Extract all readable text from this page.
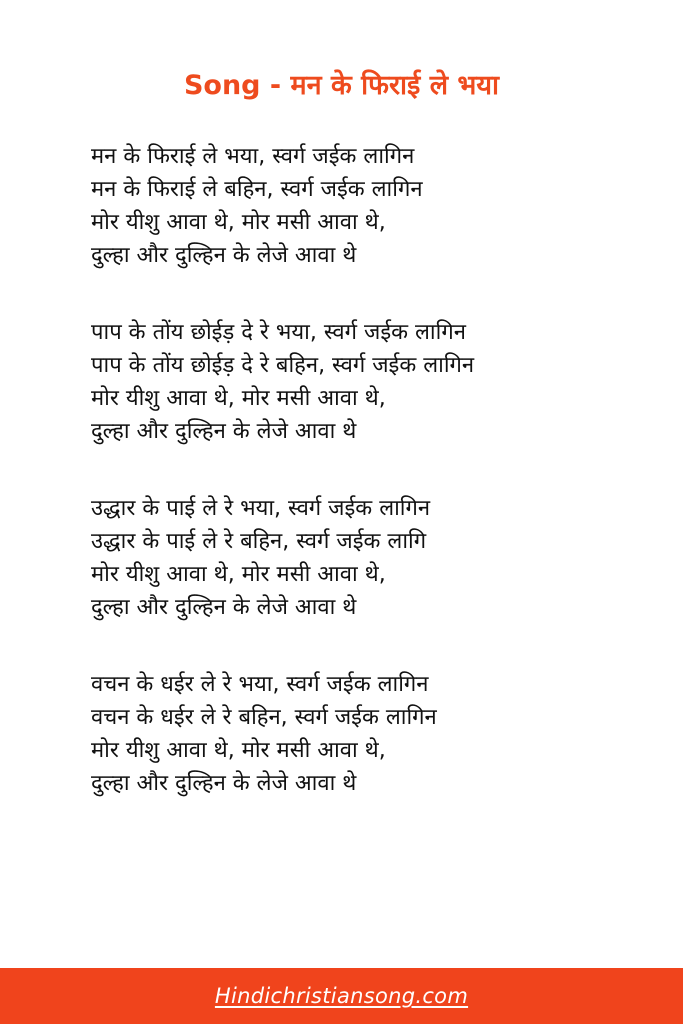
Song - मन के फिराई ले भया
मन के फिराई ले भया, स्वर्ग जईक लागिन
मन के फिराई ले बहिन, स्वर्ग जईक लागिन
मोर यीशु आवा थे, मोर मसी आवा थे,
दुल्हा और दुल्हिन के लेजे आवा थे
पाप के तोंय छोईड़ दे रे भया, स्वर्ग जईक लागिन
पाप के तोंय छोईड़ दे रे बहिन, स्वर्ग जईक लागिन
मोर यीशु आवा थे, मोर मसी आवा थे,
दुल्हा और दुल्हिन के लेजे आवा थे
उद्धार के पाई ले रे भया, स्वर्ग जईक लागिन
उद्धार के पाई ले रे बहिन, स्वर्ग जईक लागि
मोर यीशु आवा थे, मोर मसी आवा थे,
दुल्हा और दुल्हिन के लेजे आवा थे
वचन के धईर ले रे भया, स्वर्ग जईक लागिन
वचन के धईर ले रे बहिन, स्वर्ग जईक लागिन
मोर यीशु आवा थे, मोर मसी आवा थे,
दुल्हा और दुल्हिन के लेजे आवा थे
Hindichristiansong.com
